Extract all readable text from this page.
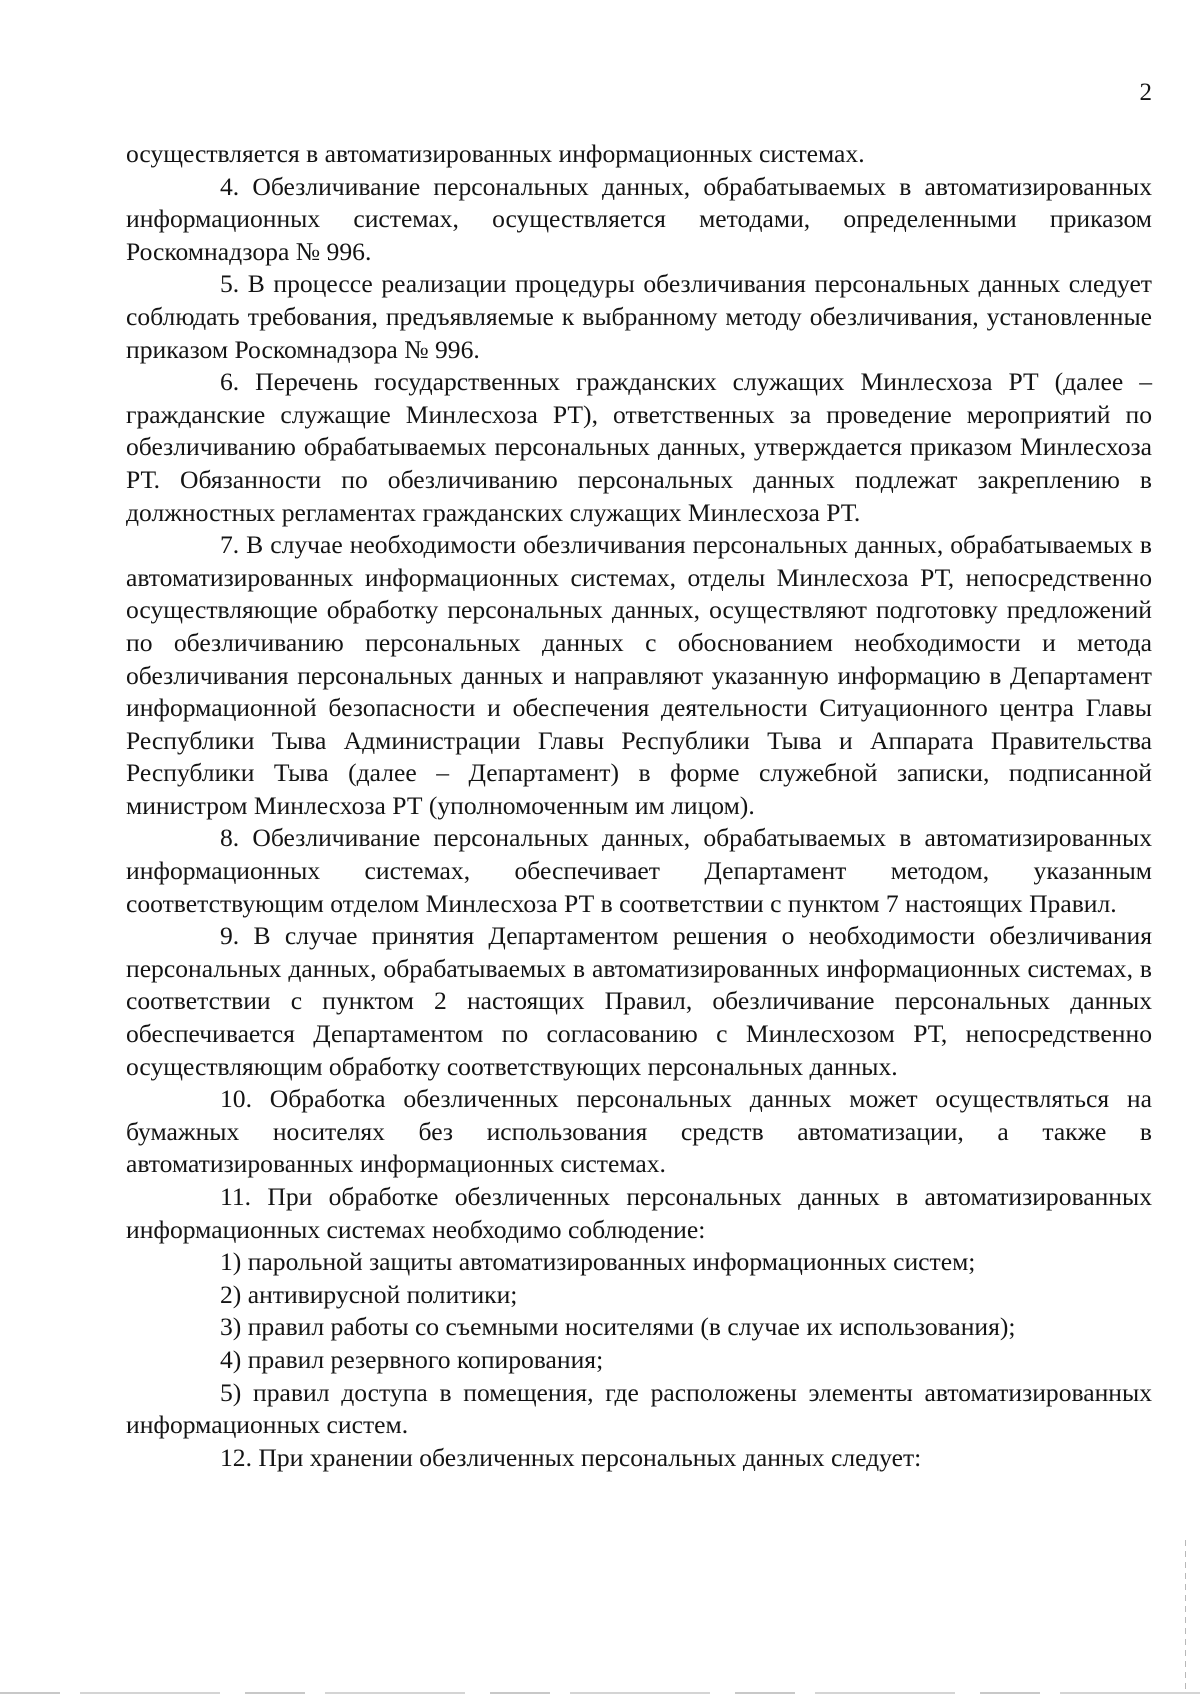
2

осуществляется в автоматизированных информационных системах.

4. Обезличивание персональных данных, обрабатываемых в автоматизированных информационных системах, осуществляется методами, определенными приказом Роскомнадзора № 996.

5. В процессе реализации процедуры обезличивания персональных данных следует соблюдать требования, предъявляемые к выбранному методу обезличивания, установленные приказом Роскомнадзора № 996.

6. Перечень государственных гражданских служащих Минлесхоза РТ (далее – гражданские служащие Минлесхоза РТ), ответственных за проведение мероприятий по обезличиванию обрабатываемых персональных данных, утверждается приказом Минлесхоза РТ. Обязанности по обезличиванию персональных данных подлежат закреплению в должностных регламентах гражданских служащих Минлесхоза РТ.

7. В случае необходимости обезличивания персональных данных, обрабатываемых в автоматизированных информационных системах, отделы Минлесхоза РТ, непосредственно осуществляющие обработку персональных данных, осуществляют подготовку предложений по обезличиванию персональных данных с обоснованием необходимости и метода обезличивания персональных данных и направляют указанную информацию в Департамент информационной безопасности и обеспечения деятельности Ситуационного центра Главы Республики Тыва Администрации Главы Республики Тыва и Аппарата Правительства Республики Тыва (далее – Департамент) в форме служебной записки, подписанной министром Минлесхоза РТ (уполномоченным им лицом).

8. Обезличивание персональных данных, обрабатываемых в автоматизированных информационных системах, обеспечивает Департамент методом, указанным соответствующим отделом Минлесхоза РТ в соответствии с пунктом 7 настоящих Правил.

9. В случае принятия Департаментом решения о необходимости обезличивания персональных данных, обрабатываемых в автоматизированных информационных системах, в соответствии с пунктом 2 настоящих Правил, обезличивание персональных данных обеспечивается Департаментом по согласованию с Минлесхозом РТ, непосредственно осуществляющим обработку соответствующих персональных данных.

10. Обработка обезличенных персональных данных может осуществляться на бумажных носителях без использования средств автоматизации, а также в автоматизированных информационных системах.

11. При обработке обезличенных персональных данных в автоматизированных информационных системах необходимо соблюдение:

1) парольной защиты автоматизированных информационных систем;

2) антивирусной политики;

3) правил работы со съемными носителями (в случае их использования);

4) правил резервного копирования;

5) правил доступа в помещения, где расположены элементы автоматизированных информационных систем.

12. При хранении обезличенных персональных данных следует:
